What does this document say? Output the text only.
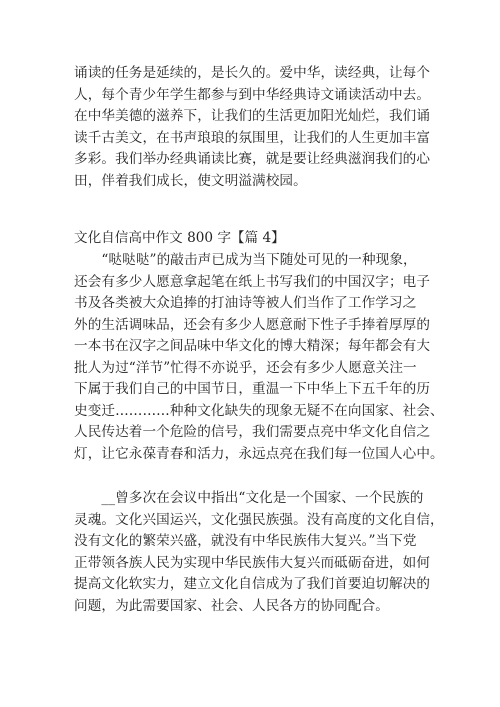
诵读的任务是延续的，是长久的。爱中华，读经典，让每个
人，每个青少年学生都参与到中华经典诗文诵读活动中去。
在中华美德的滋养下，让我们的生活更加阳光灿烂，我们诵
读千古美文，在书声琅琅的氛围里，让我们的人生更加丰富
多彩。我们举办经典诵读比赛，就是要让经典滋润我们的心
田，伴着我们成长，使文明溢满校园。
文化自信高中作文 800 字【篇 4】
　　“哒哒哒”的敲击声已成为当下随处可见的一种现象，
还会有多少人愿意拿起笔在纸上书写我们的中国汉字；电子
书及各类被大众追捧的打油诗等被人们当作了工作学习之
外的生活调味品，还会有多少人愿意耐下性子手捧着厚厚的
一本书在汉字之间品味中华文化的博大精深；每年都会有大
批人为过“洋节”忙得不亦说乎，还会有多少人愿意关注一
下属于我们自己的中国节日，重温一下中华上下五千年的历
史变迁…………种种文化缺失的现象无疑不在向国家、社会、
人民传达着一个危险的信号，我们需要点亮中华文化自信之
灯，让它永葆青春和活力，永远点亮在我们每一位国人心中。
　　__曾多次在会议中指出“文化是一个国家、一个民族的
灵魂。文化兴国运兴，文化强民族强。没有高度的文化自信，
没有文化的繁荣兴盛，就没有中华民族伟大复兴。”当下党
正带领各族人民为实现中华民族伟大复兴而砥砺奋进，如何
提高文化软实力，建立文化自信成为了我们首要迫切解决的
问题，为此需要国家、社会、人民各方的协同配合。
